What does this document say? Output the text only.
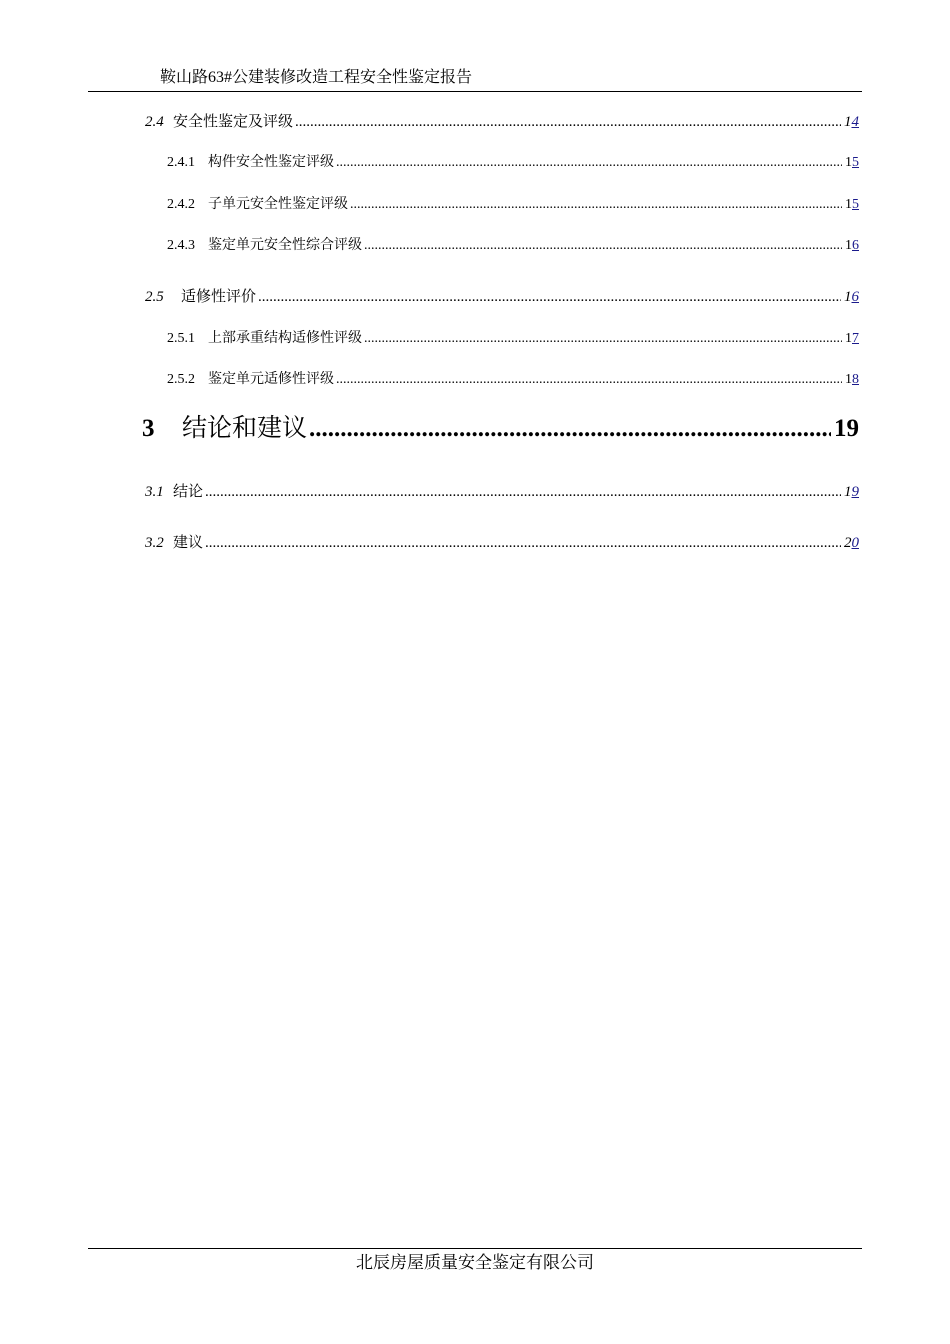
鞍山路63#公建装修改造工程安全性鉴定报告
2.4 安全性鉴定及评级 .....	14
2.4.1 构件安全性鉴定评级 .....	15
2.4.2 子单元安全性鉴定评级 .....	15
2.4.3 鉴定单元安全性综合评级 .....	16
2.5	适修性评价 .....	16
2.5.1 上部承重结构适修性评级 .....	17
2.5.2 鉴定单元适修性评级 .....	18
3	结论和建议 .....	19
3.1 结论 .....	19
3.2 建议 .....	20
北辰房屋质量安全鉴定有限公司
